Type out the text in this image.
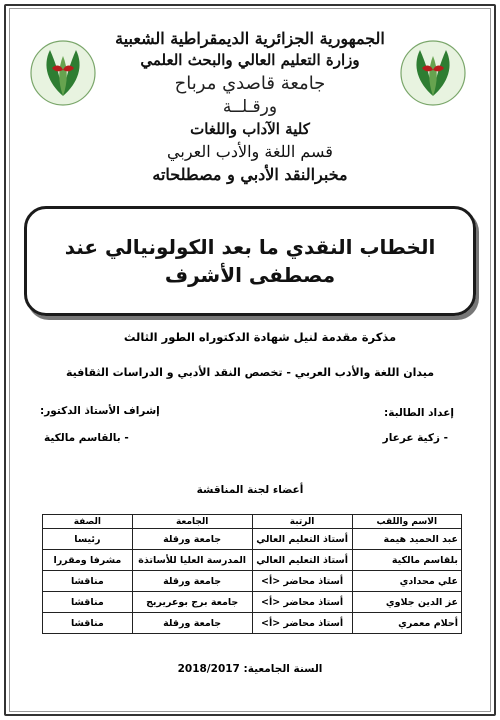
الجمهورية الجزائرية الديمقراطية الشعبية
وزارة التعليم العالي والبحث العلمي
جامعة قاصدي مرباح
ورقـلــة
كلية الآداب واللغات
قسم اللغة والأدب العربي
مخبرالنقد الأدبي و مصطلحاته
الخطاب النقدي ما بعد الكولونيالي عند مصطفى الأشرف
مذكرة مقدمة لنيل شهادة الدكتوراه الطور الثالث
ميدان اللغة والأدب العربي - تخصص النقد الأدبي و الدراسات الثقافية
إعداد الطالبة:
- زكية عرعار
إشراف الأستاذ الدكتور:
- بالقاسم مالكية
أعضاء لجنة المناقشة
الاسم واللقب	الرتبة	الجامعة	الصفة
عبد الحميد هيمة	أستاذ التعليم العالي	جامعة ورقلة	رئيسا
بلقاسم مالكية	أستاذ التعليم العالي	المدرسة العليا للأساتذة	مشرفا ومقررا
علي محدادي	أستاذ محاضر <أ>	جامعة ورقلة	مناقشا
عز الدين جلاوي	أستاذ محاضر <أ>	جامعة برج بوعريريج	مناقشا
أحلام معمري	أستاذ محاضر <أ>	جامعة ورقلة	مناقشا
السنة الجامعية: 2018/2017
